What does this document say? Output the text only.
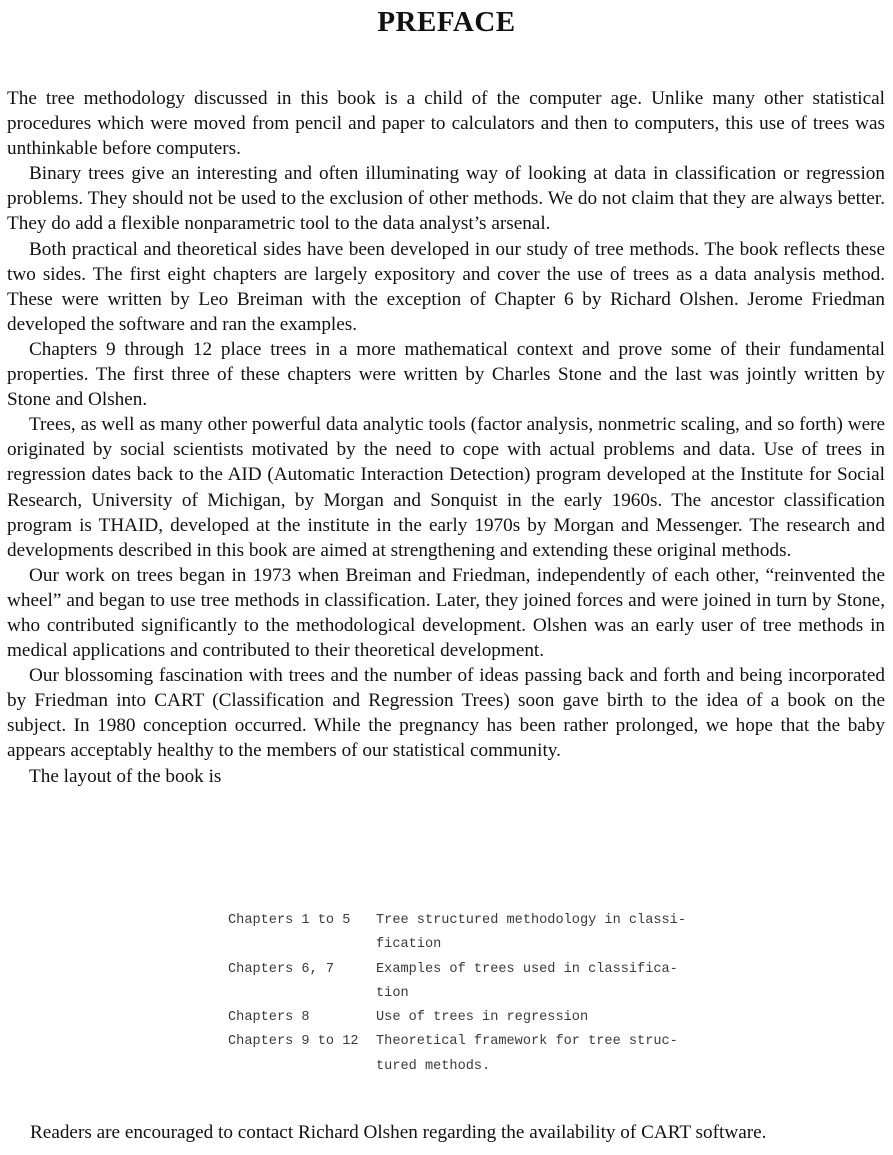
PREFACE

The tree methodology discussed in this book is a child of the computer age. Unlike many other statistical procedures which were moved from pencil and paper to calculators and then to computers, this use of trees was unthinkable before computers.

Binary trees give an interesting and often illuminating way of looking at data in classification or regression problems. They should not be used to the exclusion of other methods. We do not claim that they are always better. They do add a flexible nonparametric tool to the data analyst’s arsenal.

Both practical and theoretical sides have been developed in our study of tree methods. The book reflects these two sides. The first eight chapters are largely expository and cover the use of trees as a data analysis method. These were written by Leo Breiman with the exception of Chapter 6 by Richard Olshen. Jerome Friedman developed the software and ran the examples.

Chapters 9 through 12 place trees in a more mathematical context and prove some of their fundamental properties. The first three of these chapters were written by Charles Stone and the last was jointly written by Stone and Olshen.

Trees, as well as many other powerful data analytic tools (factor analysis, nonmetric scaling, and so forth) were originated by social scientists motivated by the need to cope with actual problems and data. Use of trees in regression dates back to the AID (Automatic Interaction Detection) program developed at the Institute for Social Research, University of Michigan, by Morgan and Sonquist in the early 1960s. The ancestor classification program is THAID, developed at the institute in the early 1970s by Morgan and Messenger. The research and developments described in this book are aimed at strengthening and extending these original methods.

Our work on trees began in 1973 when Breiman and Friedman, independently of each other, “reinvented the wheel” and began to use tree methods in classification. Later, they joined forces and were joined in turn by Stone, who contributed significantly to the methodological development. Olshen was an early user of tree methods in medical applications and contributed to their theoretical development.

Our blossoming fascination with trees and the number of ideas passing back and forth and being incorporated by Friedman into CART (Classification and Regression Trees) soon gave birth to the idea of a book on the subject. In 1980 conception occurred. While the pregnancy has been rather prolonged, we hope that the baby appears acceptably healthy to the members of our statistical community.

The layout of the book is

Chapters 1 to 5	Tree structured methodology in classi-
fication
Chapters 6, 7	Examples of trees used in classifica-
tion
Chapters 8	Use of trees in regression
Chapters 9 to 12	Theoretical framework for tree struc-
tured methods.

Readers are encouraged to contact Richard Olshen regarding the availability of CART software.
